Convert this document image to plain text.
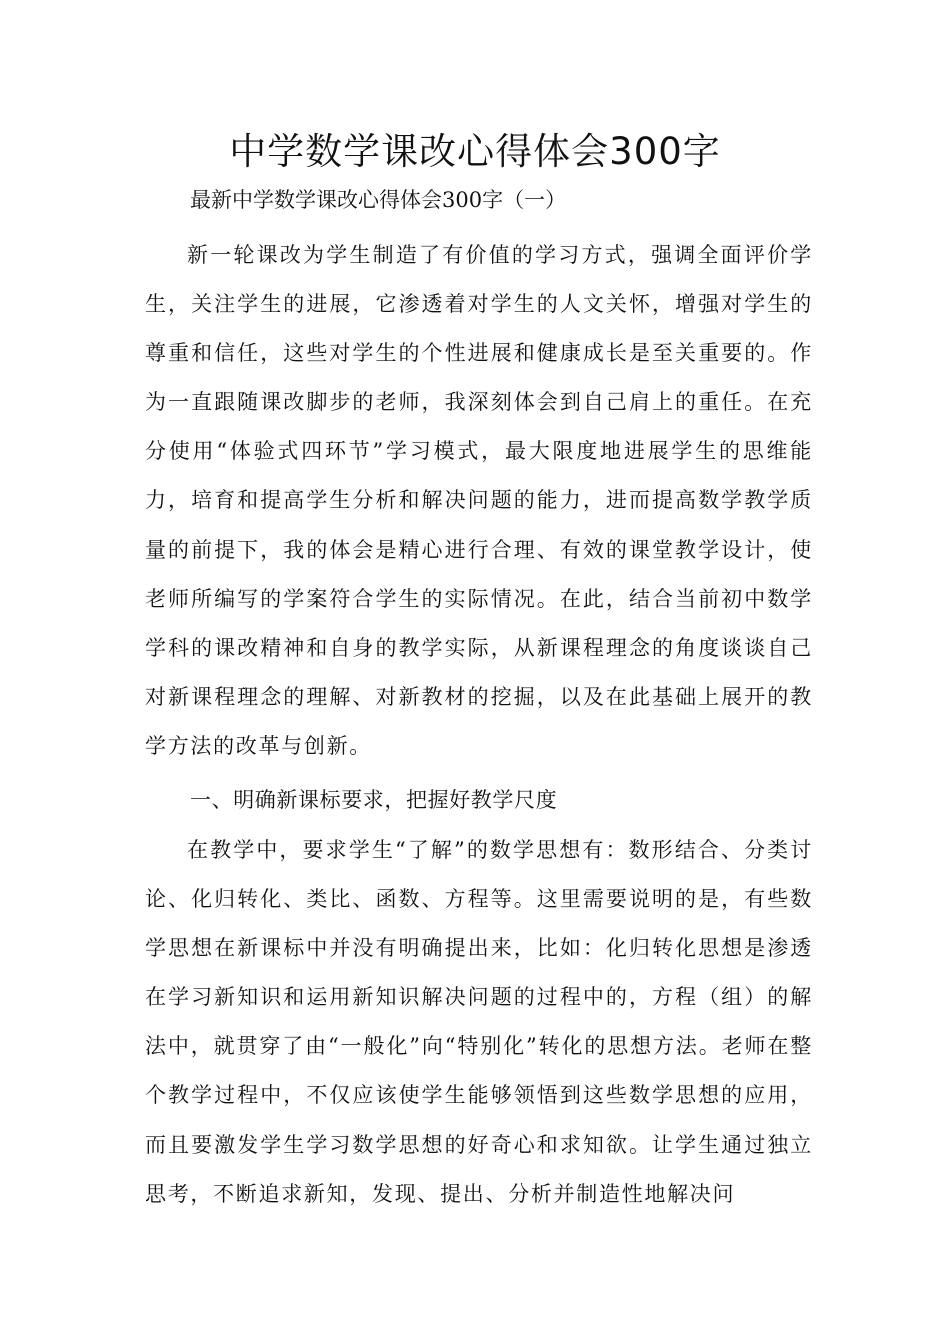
中学数学课改心得体会300字

最新中学数学课改心得体会300字（一）

新一轮课改为学生制造了有价值的学习方式，强调全面评价学生，关注学生的进展，它渗透着对学生的人文关怀，增强对学生的尊重和信任，这些对学生的个性进展和健康成长是至关重要的。作为一直跟随课改脚步的老师，我深刻体会到自己肩上的重任。在充分使用“体验式四环节”学习模式，最大限度地进展学生的思维能力，培育和提高学生分析和解决问题的能力，进而提高数学教学质量的前提下，我的体会是精心进行合理、有效的课堂教学设计，使老师所编写的学案符合学生的实际情况。在此，结合当前初中数学学科的课改精神和自身的教学实际，从新课程理念的角度谈谈自己对新课程理念的理解、对新教材的挖掘，以及在此基础上展开的教学方法的改革与创新。

一、明确新课标要求，把握好教学尺度

在教学中，要求学生“了解”的数学思想有：数形结合、分类讨论、化归转化、类比、函数、方程等。这里需要说明的是，有些数学思想在新课标中并没有明确提出来，比如：化归转化思想是渗透在学习新知识和运用新知识解决问题的过程中的，方程（组）的解法中，就贯穿了由“一般化”向“特别化”转化的思想方法。老师在整个教学过程中，不仅应该使学生能够领悟到这些数学思想的应用，而且要激发学生学习数学思想的好奇心和求知欲。让学生通过独立思考，不断追求新知，发现、提出、分析并制造性地解决问
